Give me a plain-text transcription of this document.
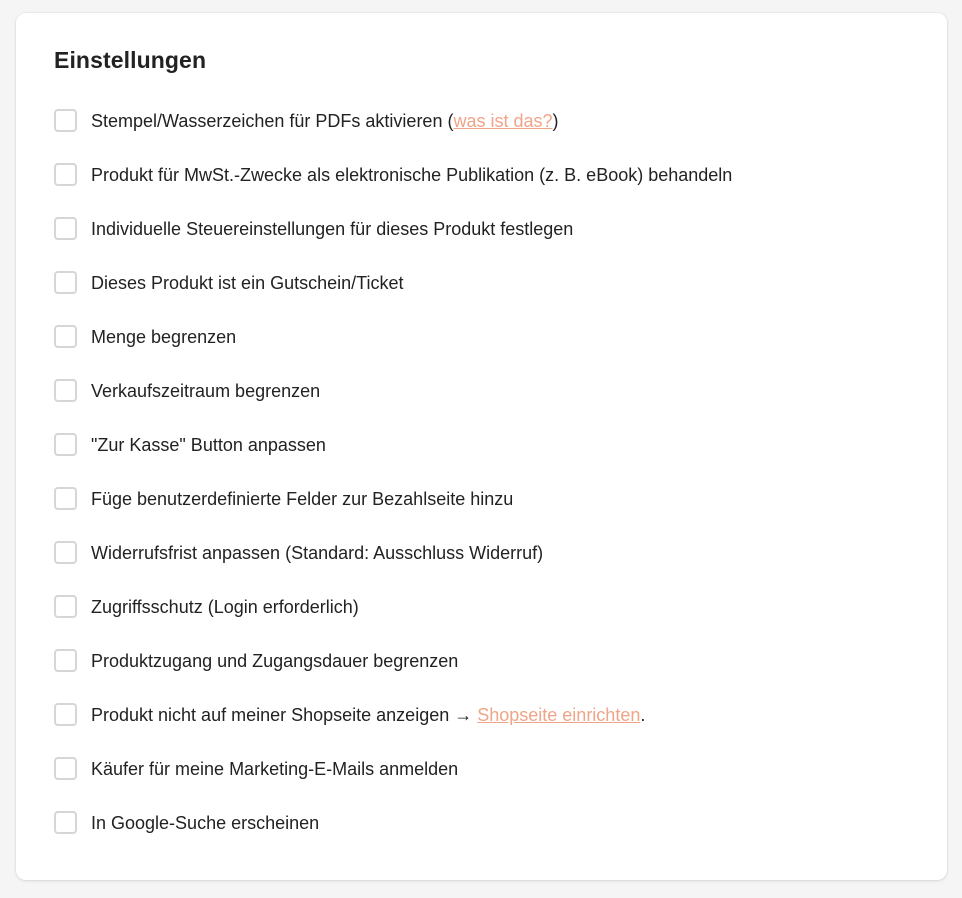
Einstellungen
Stempel/Wasserzeichen für PDFs aktivieren (was ist das?)
Produkt für MwSt.-Zwecke als elektronische Publikation (z. B. eBook) behandeln
Individuelle Steuereinstellungen für dieses Produkt festlegen
Dieses Produkt ist ein Gutschein/Ticket
Menge begrenzen
Verkaufszeitraum begrenzen
"Zur Kasse" Button anpassen
Füge benutzerdefinierte Felder zur Bezahlseite hinzu
Widerrufsfrist anpassen (Standard: Ausschluss Widerruf)
Zugriffsschutz (Login erforderlich)
Produktzugang und Zugangsdauer begrenzen
Produkt nicht auf meiner Shopseite anzeigen → Shopseite einrichten.
Käufer für meine Marketing-E-Mails anmelden
In Google-Suche erscheinen
